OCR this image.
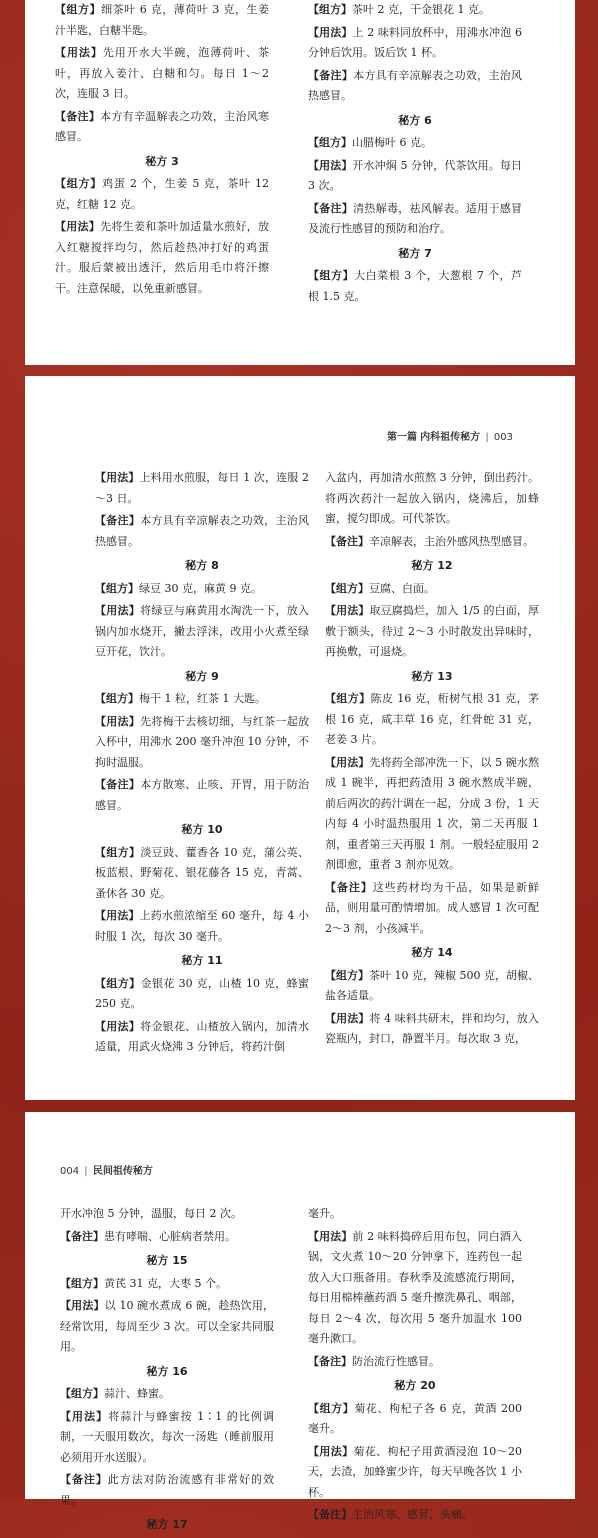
【组方】细茶叶 6 克，薄荷叶 3 克，生姜汁半匙，白糖半匙。
【用法】先用开水大半碗，泡薄荷叶、茶叶，再放入姜汁、白糖和匀。每日 1～2 次，连服 3 日。
【备注】本方有辛温解表之功效，主治风寒感冒。
秘方 3
【组方】鸡蛋 2 个，生姜 5 克，茶叶 12 克，红糖 12 克。
【用法】先将生姜和茶叶加适量水煎好，放入红糖搅拌均匀，然后趁热冲打好的鸡蛋汁。服后蒙被出透汗，然后用毛巾将汗擦干。注意保暖，以免重新感冒。
【组方】茶叶 2 克，干金银花 1 克。
【用法】上 2 味料同放杯中，用沸水冲泡 6 分钟后饮用。饭后饮 1 杯。
【备注】本方具有辛凉解表之功效，主治风热感冒。
秘方 6
【组方】山腊梅叶 6 克。
【用法】开水冲焖 5 分钟，代茶饮用。每日 3 次。
【备注】清热解毒，祛风解表。适用于感冒及流行性感冒的预防和治疗。
秘方 7
【组方】大白菜根 3 个，大葱根 7 个，芦根 1.5 克。
第一篇 内科祖传秘方 | 003
【用法】上料用水煎服，每日 1 次，连服 2～3 日。
【备注】本方具有辛凉解表之功效，主治风热感冒。
秘方 8
【组方】绿豆 30 克，麻黄 9 克。
【用法】将绿豆与麻黄用水淘洗一下，放入锅内加水烧开，撇去浮沫，改用小火煮至绿豆开花，饮汁。
秘方 9
【组方】梅干 1 粒，红茶 1 大匙。
【用法】先将梅干去核切细，与红茶一起放入杯中，用沸水 200 毫升冲泡 10 分钟，不拘时温服。
【备注】本方散寒、止咳、开胃，用于防治感冒。
秘方 10
【组方】淡豆豉、藿香各 10 克，蒲公英、板蓝根、野菊花、银花藤各 15 克，青蒿、蚤休各 30 克。
【用法】上药水煎浓缩至 60 毫升，每 4 小时服 1 次，每次 30 毫升。
秘方 11
【组方】金银花 30 克，山楂 10 克，蜂蜜 250 克。
【用法】将金银花、山楂放入锅内，加清水适量，用武火烧沸 3 分钟后，将药汁倒
入盆内，再加清水煎熬 3 分钟，倒出药汁。将两次药汁一起放入锅内，烧沸后，加蜂蜜，搅匀即成。可代茶饮。
【备注】辛凉解表，主治外感风热型感冒。
秘方 12
【组方】豆腐、白面。
【用法】取豆腐捣烂，加入 1/5 的白面，厚敷于额头，待过 2～3 小时散发出异味时，再换敷，可退烧。
秘方 13
【组方】陈皮 16 克，桁树气根 31 克，茅根 16 克，咸丰草 16 克，红骨蛇 31 克，老姜 3 片。
【用法】先将药全部冲洗一下，以 5 碗水熬成 1 碗半，再把药渣用 3 碗水熬成半碗，前后两次的药汁调在一起，分成 3 份，1 天内每 4 小时温热服用 1 次，第二天再服 1 剂，重者第三天再服 1 剂。一般轻症服用 2 剂即愈，重者 3 剂亦见效。
【备注】这些药材均为干品，如果是新鲜品，则用量可酌情增加。成人感冒 1 次可配 2～3 剂，小孩减半。
秘方 14
【组方】茶叶 10 克，辣椒 500 克，胡椒、盐各适量。
【用法】将 4 味料共研末，拌和均匀，放入瓷瓶内，封口，静置半月。每次取 3 克，
004 | 民间祖传秘方
开水冲泡 5 分钟，温服，每日 2 次。
【备注】患有哮喘、心脏病者禁用。
秘方 15
【组方】黄芪 31 克，大枣 5 个。
【用法】以 10 碗水煮成 6 碗，趁热饮用，经常饮用，每周至少 3 次。可以全家共同服用。
秘方 16
【组方】蒜汁、蜂蜜。
【用法】将蒜汁与蜂蜜按 1∶1 的比例调制，一天服用数次，每次一汤匙（睡前服用必须用开水送服）。
【备注】此方法对防治流感有非常好的效果。
秘方 17
毫升。
【用法】前 2 味料捣碎后用布包，同白酒入锅，文火煮 10～20 分钟拿下，连药包一起放入大口瓶备用。春秋季及流感流行期间，每日用棉棒蘸药酒 5 毫升擦洗鼻孔、咽部，每日 2～4 次，每次用 5 毫升加温水 100 毫升漱口。
【备注】防治流行性感冒。
秘方 20
【组方】菊花、枸杞子各 6 克，黄酒 200 毫升。
【用法】菊花、枸杞子用黄酒浸泡 10～20 天，去渣，加蜂蜜少许，每天早晚各饮 1 小杯。
【备注】主治风寒、感冒、头痛。
